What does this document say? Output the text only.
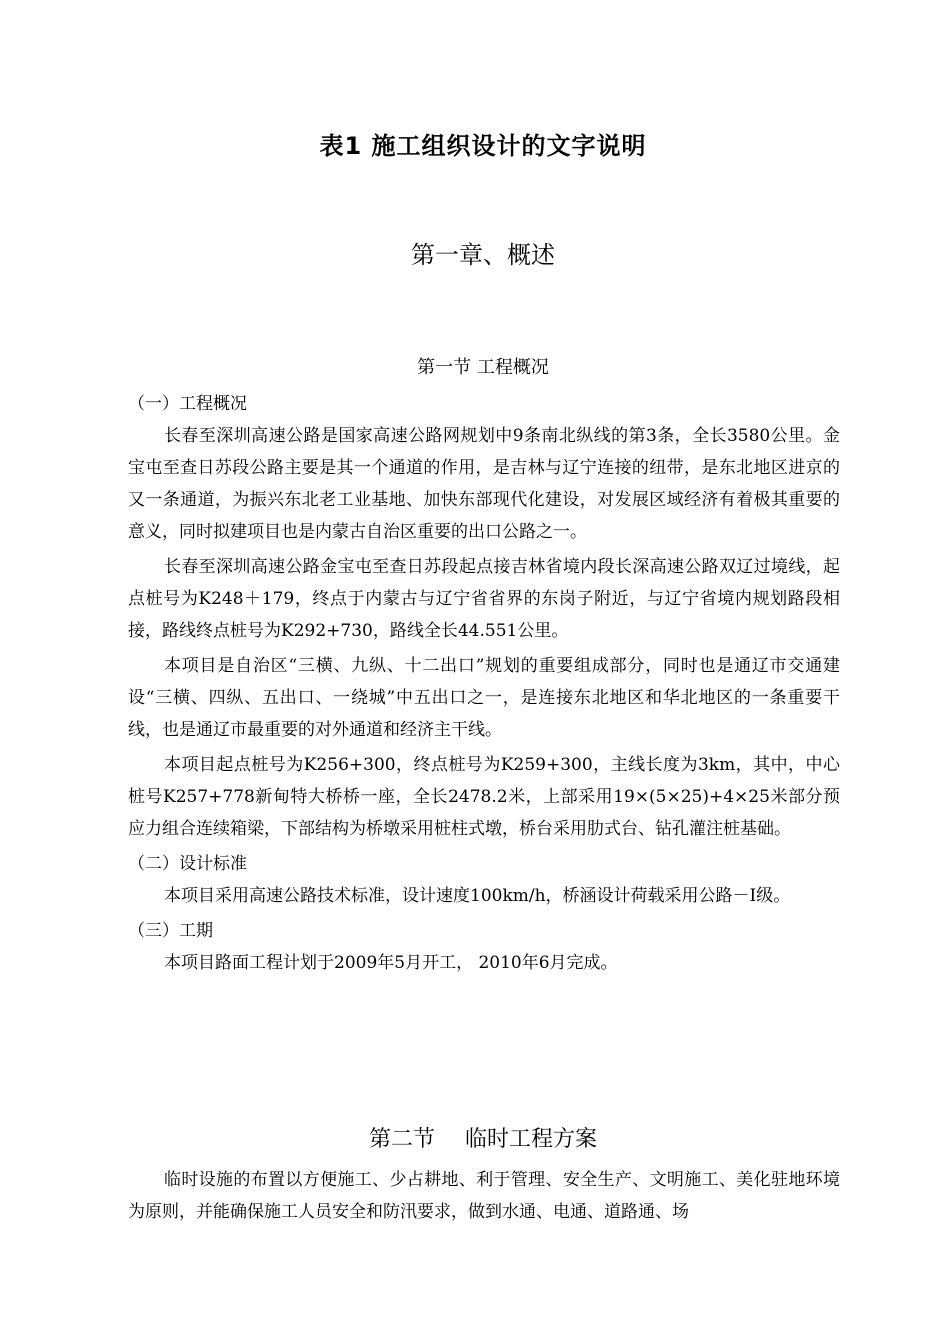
表1 施工组织设计的文字说明
第一章、概述
第一节 工程概况

（一）工程概况

长春至深圳高速公路是国家高速公路网规划中9条南北纵线的第3条，全长3580公里。金宝屯至查日苏段公路主要是其一个通道的作用，是吉林与辽宁连接的纽带，是东北地区进京的又一条通道，为振兴东北老工业基地、加快东部现代化建设，对发展区域经济有着极其重要的意义，同时拟建项目也是内蒙古自治区重要的出口公路之一。

长春至深圳高速公路金宝屯至查日苏段起点接吉林省境内段长深高速公路双辽过境线，起点桩号为K248＋179，终点于内蒙古与辽宁省省界的东岗子附近，与辽宁省境内规划路段相接，路线终点桩号为K292+730，路线全长44.551公里。

本项目是自治区“三横、九纵、十二出口”规划的重要组成部分，同时也是通辽市交通建设“三横、四纵、五出口、一绕城”中五出口之一，是连接东北地区和华北地区的一条重要干线，也是通辽市最重要的对外通道和经济主干线。

本项目起点桩号为K256+300，终点桩号为K259+300，主线长度为3km，其中，中心桩号K257+778新甸特大桥桥一座，全长2478.2米，上部采用19×(5×25)+4×25米部分预应力组合连续箱梁，下部结构为桥墩采用桩柱式墩，桥台采用肋式台、钻孔灌注桩基础。

（二）设计标准

本项目采用高速公路技术标准，设计速度100km/h，桥涵设计荷载采用公路－I级。

（三）工期

本项目路面工程计划于2009年5月开工， 2010年6月完成。

第二节 临时工程方案

临时设施的布置以方便施工、少占耕地、利于管理、安全生产、文明施工、美化驻地环境为原则，并能确保施工人员安全和防汛要求，做到水通、电通、道路通、场
